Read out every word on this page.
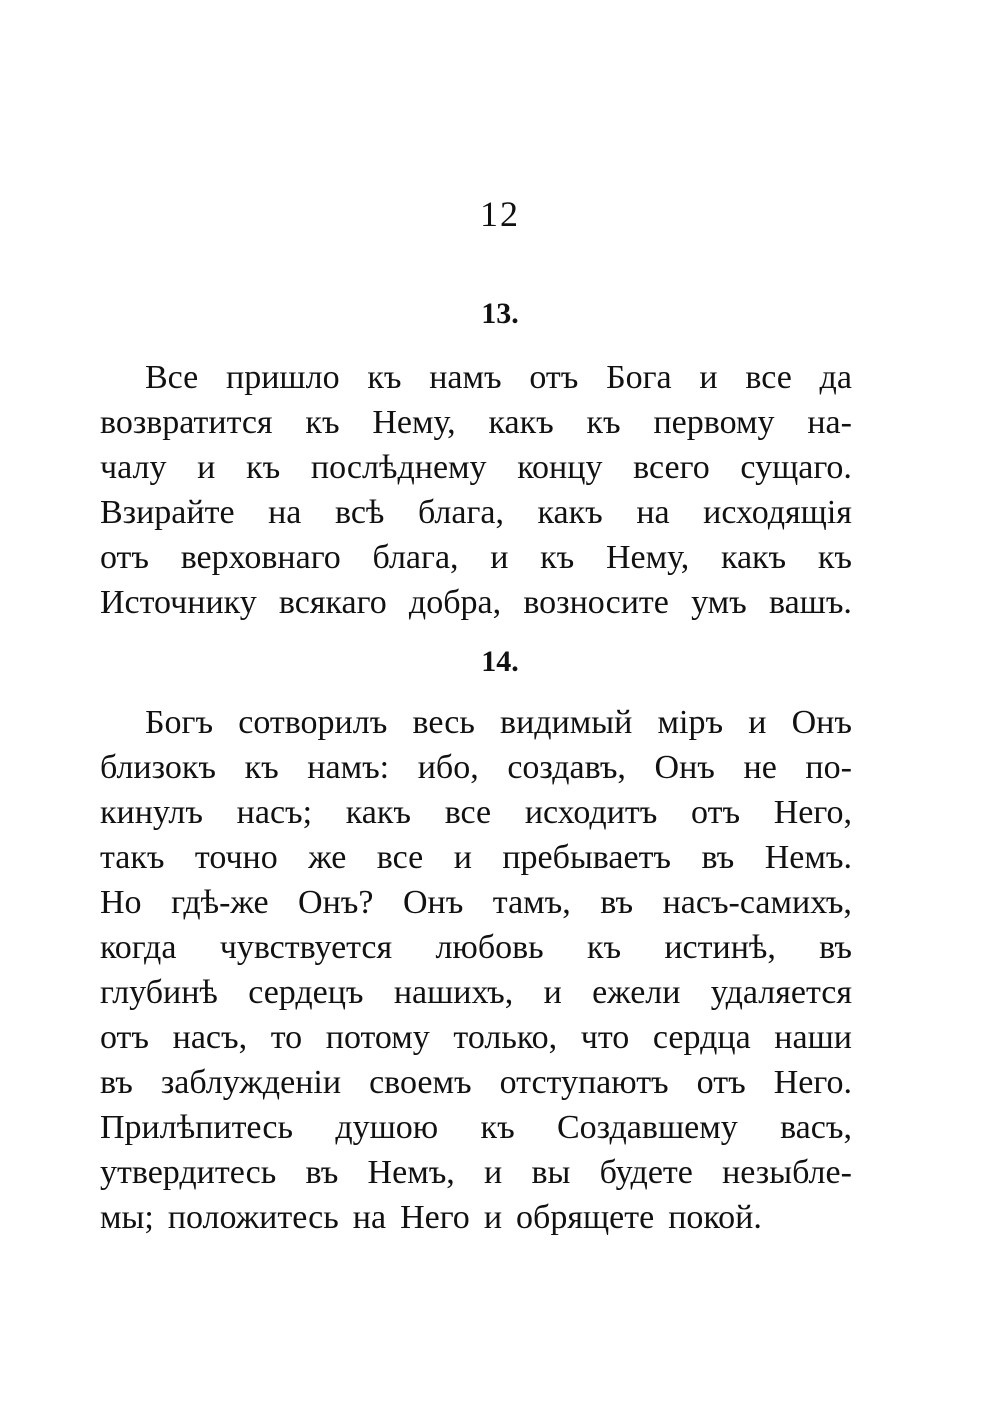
12
13.
Все пришло къ намъ отъ Бога и все да
возвратится къ Нему, какъ къ первому на-
чалу и къ послѣднему концу всего сущаго.
Взирайте на всѣ блага, какъ на исходящія
отъ верховнаго блага, и къ Нему, какъ къ
Источнику всякаго добра, возносите умъ вашъ.
14.
Богъ сотворилъ весь видимый міръ и Онъ
близокъ къ намъ: ибо, создавъ, Онъ не по-
кинулъ насъ; какъ все исходитъ отъ Него,
такъ точно же все и пребываетъ въ Немъ.
Но гдѣ-же Онъ? Онъ тамъ, въ насъ-самихъ,
когда чувствуется любовь къ истинѣ, въ
глубинѣ сердецъ нашихъ, и ежели удаляется
отъ насъ, то потому только, что сердца наши
въ заблужденіи своемъ отступаютъ отъ Него.
Прилѣпитесь душою къ Создавшему васъ,
утвердитесь въ Немъ, и вы будете незыбле-
мы; положитесь на Него и обрящете покой.
